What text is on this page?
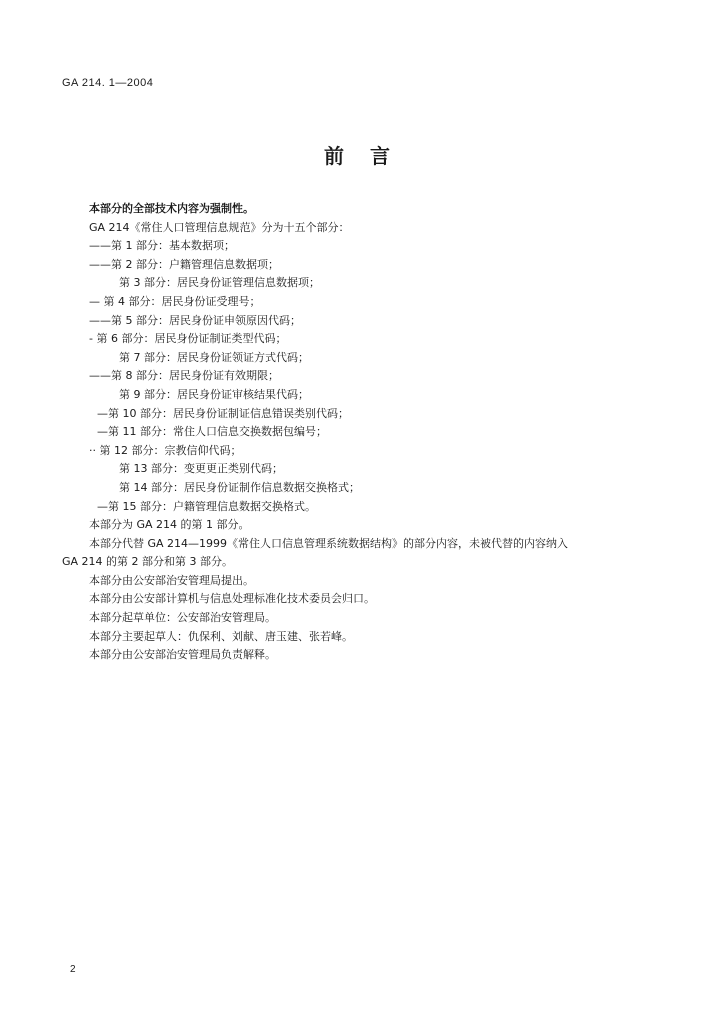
GA 214. 1—2004
前言
本部分的全部技术内容为强制性。
GA 214《常住人口管理信息规范》分为十五个部分：
——第 1 部分：基本数据项；
——第 2 部分：户籍管理信息数据项；
第 3 部分：居民身份证管理信息数据项；
— 第 4 部分：居民身份证受理号；
——第 5 部分：居民身份证申领原因代码；
- 第 6 部分：居民身份证制证类型代码；
第 7 部分：居民身份证领证方式代码；
——第 8 部分：居民身份证有效期限；
第 9 部分：居民身份证审核结果代码；
—第 10 部分：居民身份证制证信息错误类别代码；
—第 11 部分：常住人口信息交换数据包编号；
·· 第 12 部分：宗教信仰代码；
第 13 部分：变更更正类别代码；
第 14 部分：居民身份证制作信息数据交换格式；
—第 15 部分：户籍管理信息数据交换格式。
本部分为 GA 214 的第 1 部分。
本部分代替 GA 214—1999《常住人口信息管理系统数据结构》的部分内容，未被代替的内容纳入
GA 214 的第 2 部分和第 3 部分。
本部分由公安部治安管理局提出。
本部分由公安部计算机与信息处理标准化技术委员会归口。
本部分起草单位：公安部治安管理局。
本部分主要起草人：仇保利、刘献、唐玉建、张若峰。
本部分由公安部治安管理局负责解释。
2
